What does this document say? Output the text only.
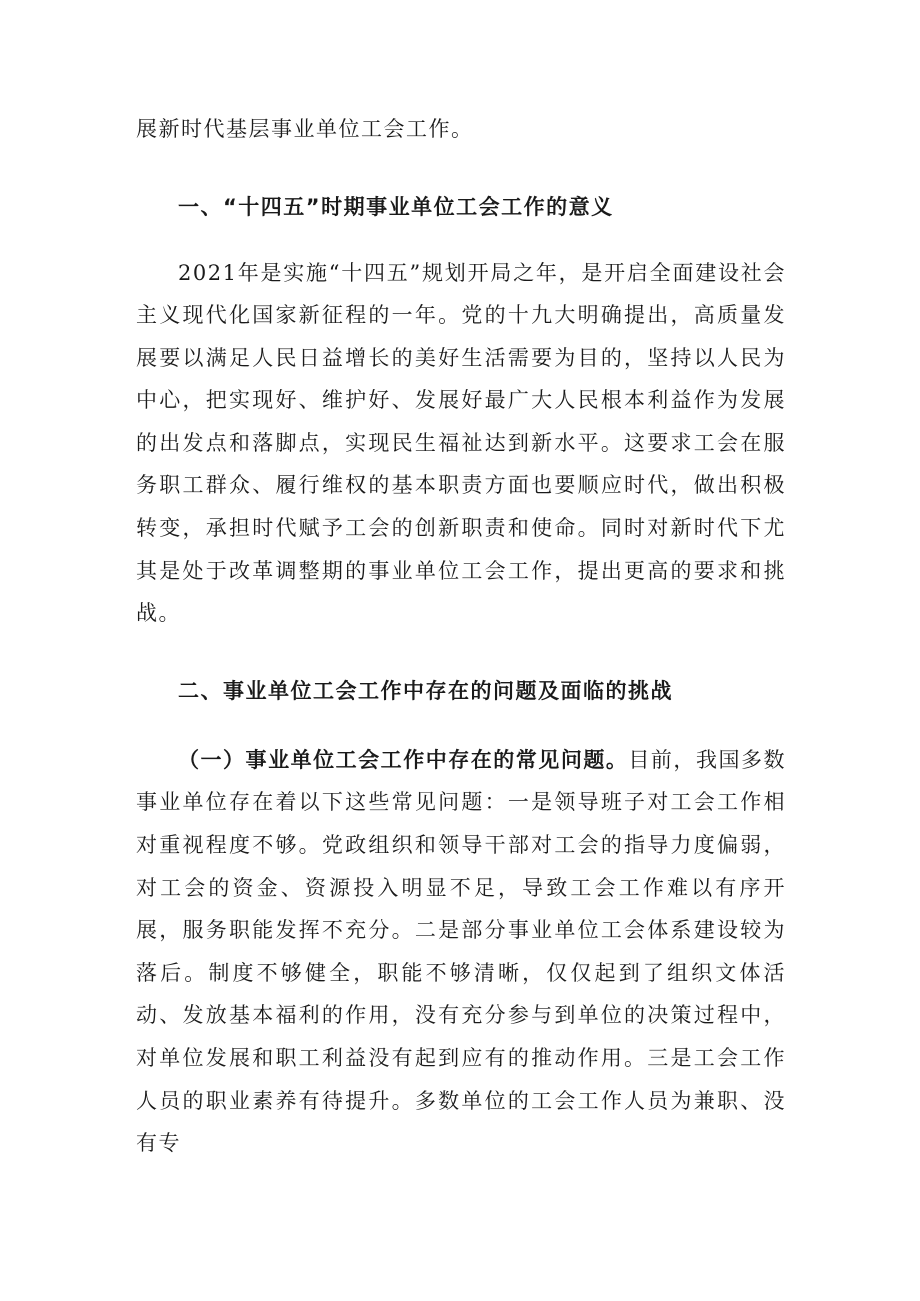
展新时代基层事业单位工会工作。

一、“十四五”时期事业单位工会工作的意义

2021年是实施“十四五”规划开局之年，是开启全面建设社会主义现代化国家新征程的一年。党的十九大明确提出，高质量发展要以满足人民日益增长的美好生活需要为目的，坚持以人民为中心，把实现好、维护好、发展好最广大人民根本利益作为发展的出发点和落脚点，实现民生福祉达到新水平。这要求工会在服务职工群众、履行维权的基本职责方面也要顺应时代，做出积极转变，承担时代赋予工会的创新职责和使命。同时对新时代下尤其是处于改革调整期的事业单位工会工作，提出更高的要求和挑战。

二、事业单位工会工作中存在的问题及面临的挑战

（一）事业单位工会工作中存在的常见问题。目前，我国多数事业单位存在着以下这些常见问题：一是领导班子对工会工作相对重视程度不够。党政组织和领导干部对工会的指导力度偏弱，对工会的资金、资源投入明显不足，导致工会工作难以有序开展，服务职能发挥不充分。二是部分事业单位工会体系建设较为落后。制度不够健全，职能不够清晰，仅仅起到了组织文体活动、发放基本福利的作用，没有充分参与到单位的决策过程中，对单位发展和职工利益没有起到应有的推动作用。三是工会工作人员的职业素养有待提升。多数单位的工会工作人员为兼职、没有专
